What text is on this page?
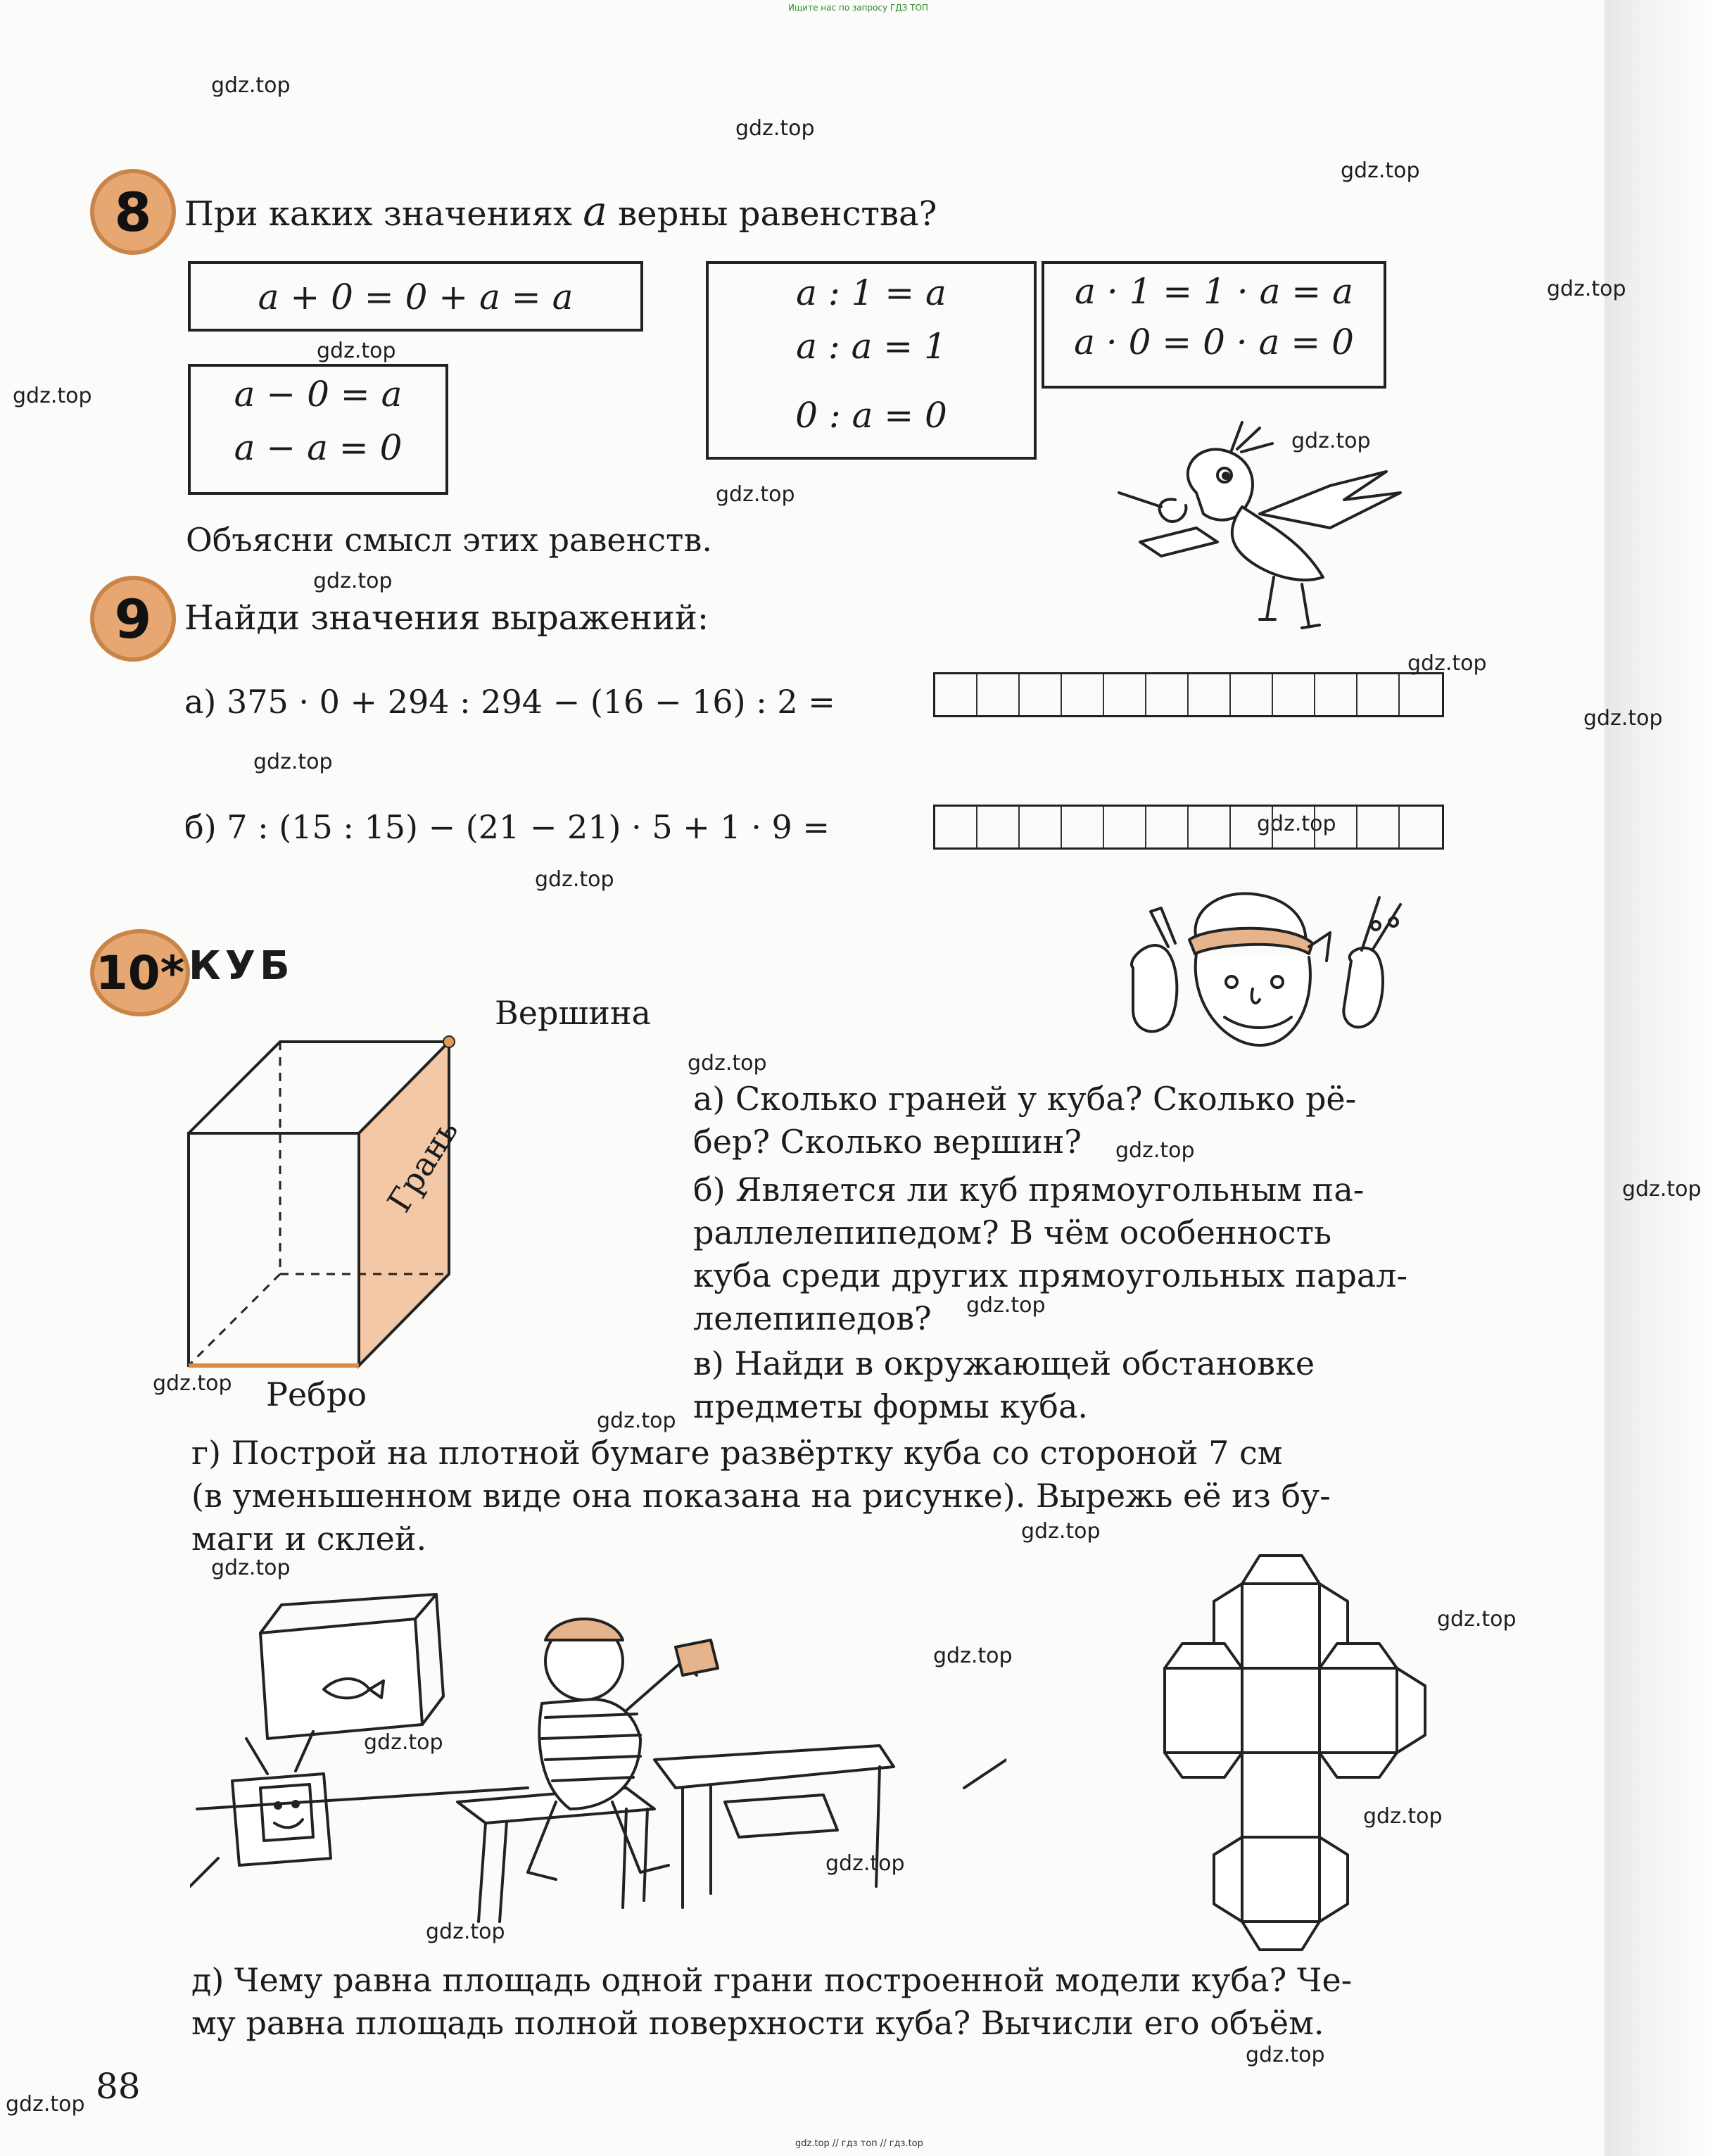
Ищите нас по запросу ГДЗ ТОП
gdz.top // гдз топ // гдз.top
gdz.top
gdz.top
gdz.top
gdz.top
gdz.top
gdz.top
gdz.top
gdz.top
gdz.top
gdz.top
gdz.top
gdz.top
gdz.top
gdz.top
gdz.top
gdz.top
gdz.top
gdz.top
gdz.top
gdz.top
gdz.top
gdz.top
gdz.top
gdz.top
gdz.top
gdz.top
gdz.top
gdz.top
gdz.top
gdz.top
8 При каких значениях a верны равенства?
a + 0 = 0 + a = a
a − 0 = a
a − a = 0
a : 1 = a
a : a = 1
0 : a = 0
a · 1 = 1 · a = a
a · 0 = 0 · a = 0
Объясни смысл этих равенств.
9 Найди значения выражений:
а) 375 · 0 + 294 : 294 − (16 − 16) : 2 =
б) 7 : (15 : 15) − (21 − 21) · 5 + 1 · 9 =
10* КУБ
Грань
Вершина
Ребро
а) Сколько граней у куба? Сколько рё-
бер? Сколько вершин?
б) Является ли куб прямоугольным па-
раллелепипедом? В чём особенность
куба среди других прямоугольных парал-
лелепипедов?
в) Найди в окружающей обстановке
предметы формы куба.
г) Построй на плотной бумаге развёртку куба со стороной 7 см
(в уменьшенном виде она показана на рисунке). Вырежь её из бу-
маги и склей.
д) Чему равна площадь одной грани построенной модели куба? Че-
му равна площадь полной поверхности куба? Вычисли его объём.
88
